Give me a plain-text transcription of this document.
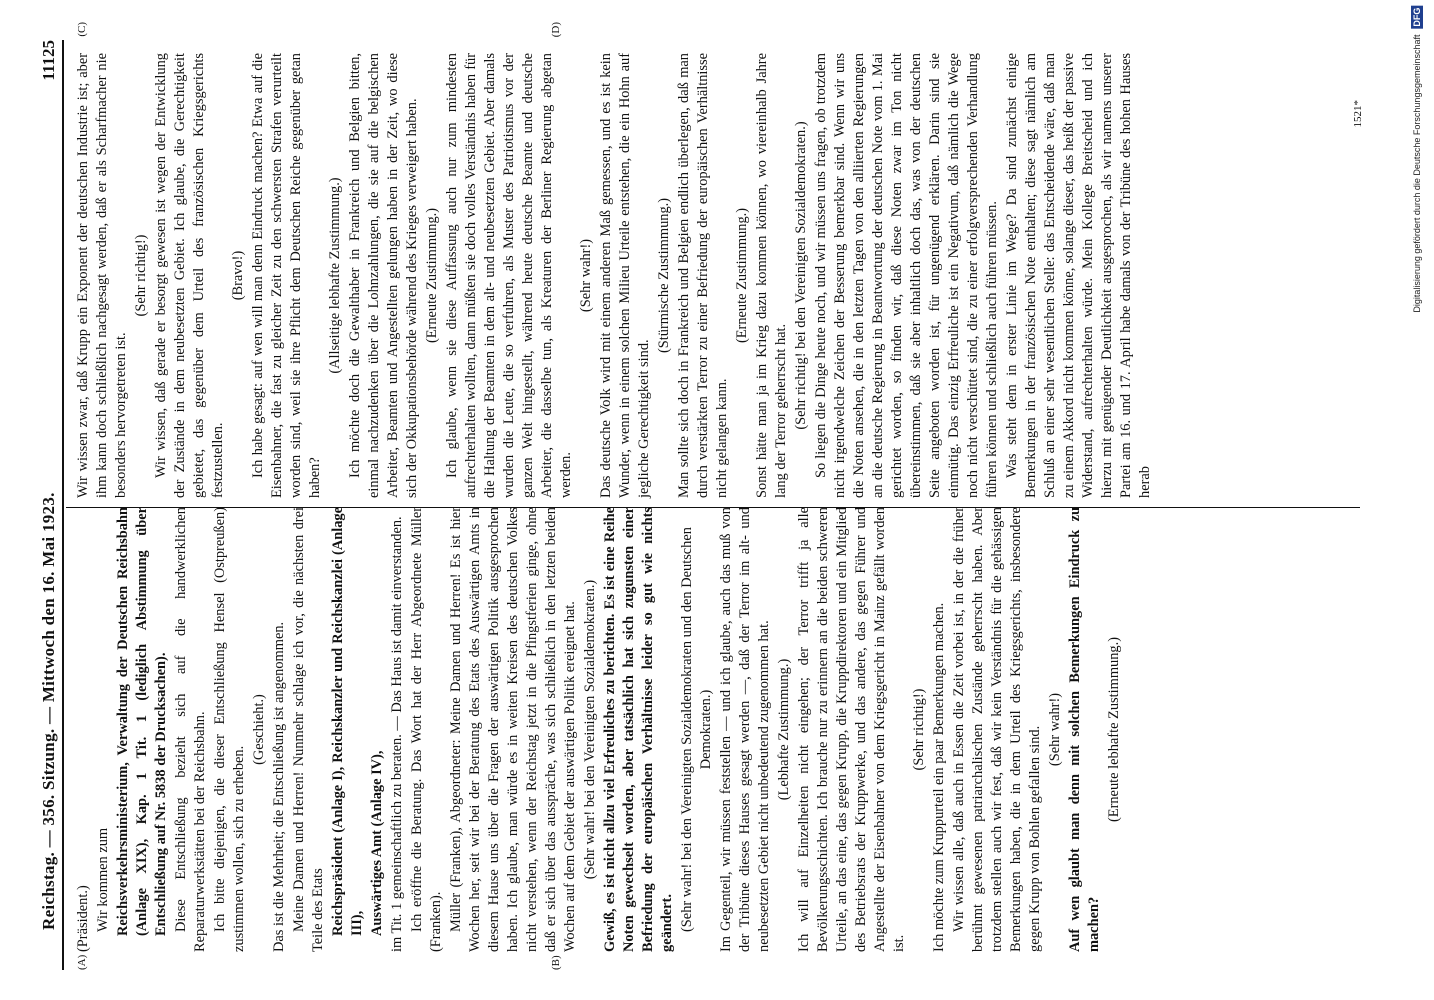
Digitalisierung gefördert durch die Deutsche Forschungsgemeinschaft DFG
Reichstag. — 356. Sitzung. — Mittwoch den 16. Mai 1923.
11125
(A)	(B)
(C)	(D)

(Präsident.) Wir kommen zum Reichsverkehrsministerium, Verwaltung der Deutschen Reichsbahn (Anlage XIX), Kap. 1 Tit. 1 (lediglich Abstimmung über Entschließung auf Nr. 5838 der Drucksachen). Diese Entschließung bezieht sich auf die handwerklichen Reparaturwerkstätten bei der Reichsbahn. Ich bitte diejenigen, die dieser Entschließung Hensel (Ostpreußen) zustimmen wollen, sich zu erheben.

(Geschieht.) Das ist die Mehrheit; die Entschließung ist angenommen. Meine Damen und Herren! Nunmehr schlage ich vor, die nächsten drei Teile des Etats Reichspräsident (Anlage I), Reichskanzler und Reichskanzlei (Anlage III), Auswärtiges Amt (Anlage IV), im Tit. 1 gemeinschaftlich zu beraten. — Das Haus ist damit einverstanden. Ich eröffne die Beratung. Das Wort hat der Herr Abgeordnete Müller (Franken). Müller (Franken), Abgeordneter: Meine Damen und Herren! Es ist hier Wochen her, seit wir bei der Beratung des Etats des Auswärtigen Amts in diesem Hause uns über die Fragen der auswärtigen Politik ausgesprochen haben. Ich glaube, man würde es in weiten Kreisen des deutschen Volkes nicht verstehen, wenn der Reichstag jetzt in die Pfingstferien ginge, ohne daß er sich über das ausspräche, was sich schließlich in den letzten beiden Wochen auf dem Gebiet der auswärtigen Politik ereignet hat. (Sehr wahr! bei den Vereinigten Sozialdemokraten.) Gewiß, es ist nicht allzu viel Erfreuliches zu berichten. Es ist eine Reihe Noten gewechselt worden, aber tatsächlich hat sich zugunsten einer Befriedung der europäischen Verhältnisse leider so gut wie nichts geändert. (Sehr wahr! bei den Vereinigten Sozialdemokraten und den Deutschen Demokraten.) Im Gegenteil, wir müssen feststellen — und ich glaube, auch das muß von der Tribüne dieses Hauses gesagt werden —, daß der Terror im alt- und neubesetzten Gebiet nicht unbedeutend zugenommen hat. (Lebhafte Zustimmung.) Ich will auf Einzelheiten nicht eingehen; der Terror trifft ja alle Bevölkerungsschichten. Ich brauche nur zu erinnern an die beiden schweren Urteile, an das eine, das gegen Krupp, die Kruppdirektoren und ein Mitglied des Betriebsrats der Kruppwerke, und das andere, das gegen Führer und Angestellte der Eisenbahner von dem Kriegsgericht in Mainz gefällt worden ist.

(Sehr richtig!) Ich möchte zum Kruppurteil ein paar Bemerkungen machen. Wir wissen alle, daß auch in Essen die Zeit vorbei ist, in der die früher berühmt gewesenen patriarchalischen Zustände geherrscht haben. Aber trotzdem stellen auch wir fest, daß wir kein Verständnis für die gehässigen Bemerkungen haben, die in dem Urteil des Kriegsgerichts, insbesondere gegen Krupp von Bohlen gefallen sind. (Sehr wahr!) Auf wen glaubt man denn mit solchen Bemerkungen Eindruck zu machen?

(Erneute lebhafte Zustimmung.)

Wir wissen zwar, daß Krupp ein Exponent der deutschen Industrie ist; aber ihm kann doch schließlich nachgesagt werden, daß er als Scharfmacher nie besonders hervorgetreten ist.

(Sehr richtig!) Wir wissen, daß gerade er besorgt gewesen ist wegen der Entwicklung der Zustände in dem neubesetzten Gebiet. Ich glaube, die Gerechtigkeit gebietet, das gegenüber dem Urteil des französischen Kriegsgerichts festzustellen.

(Bravo!) Ich habe gesagt: auf wen will man denn Eindruck machen? Etwa auf die Eisenbahner, die fast zu gleicher Zeit zu den schwersten Strafen verurteilt worden sind, weil sie ihre Pflicht dem Deutschen Reiche gegenüber getan haben?

(Allseitige lebhafte Zustimmung.) Ich möchte doch die Gewalthaber in Frankreich und Belgien bitten, einmal nachzudenken über die Lohnzahlungen, die sie auf die belgischen Arbeiter, Beamten und Angestellten gelungen haben in der Zeit, wo diese sich der Okkupationsbehörde während des Krieges verweigert haben. (Erneute Zustimmung.) Ich glaube, wenn sie diese Auffassung auch nur zum mindesten aufrechterhalten wollten, dann müßten sie doch volles Verständnis haben für die Haltung der Beamten in dem alt- und neubesetzten Gebiet. Aber damals wurden die Leute, die so verfuhren, als Muster des Patriotismus vor der ganzen Welt hingestellt, während heute deutsche Beamte und deutsche Arbeiter, die dasselbe tun, als Kreaturen der Berliner Regierung abgetan werden.

(Sehr wahr!) Das deutsche Volk wird mit einem anderen Maß gemessen, und es ist kein Wunder, wenn in einem solchen Milieu Urteile entstehen, die ein Hohn auf jegliche Gerechtigkeit sind.

(Stürmische Zustimmung.) Man sollte sich doch in Frankreich und Belgien endlich überlegen, daß man durch verstärkten Terror zu einer Befriedung der europäischen Verhältnisse nicht gelangen kann.

(Erneute Zustimmung.) Sonst hätte man ja im Krieg dazu kommen können, wo viereinhalb Jahre lang der Terror geherrscht hat. (Sehr richtig! bei den Vereinigten Sozialdemokraten.) So liegen die Dinge heute noch, und wir müssen uns fragen, ob trotzdem nicht irgendwelche Zeichen der Besserung bemerkbar sind. Wenn wir uns die Noten ansehen, die in den letzten Tagen von den alliierten Regierungen an die deutsche Regierung in Beantwortung der deutschen Note vom 1. Mai gerichtet worden, so finden wir, daß diese Noten zwar im Ton nicht übereinstimmen, daß sie aber inhaltlich doch das, was von der deutschen Seite angeboten worden ist, für ungenügend erklären. Darin sind sie einmütig. Das einzig Erfreuliche ist ein Negativum, daß nämlich die Wege noch nicht verschüttet sind, die zu einer erfolgversprechenden Verhandlung führen können und schließlich auch führen müssen. Was steht dem in erster Linie im Wege? Da sind zunächst einige Bemerkungen in der französischen Note enthalten; diese sagt nämlich am Schluß an einer sehr wesentlichen Stelle: das Entscheidende wäre, daß man zu einem Akkord nicht kommen könne, solange dieser, das heißt der passive Widerstand, aufrechterhalten würde. Mein Kollege Breitscheid und ich hierzu mit genügender Deutlichkeit ausgesprochen, als wir namens unserer Partei am 16. und 17. April habe damals von der Tribüne des hohen Hauses herab

1521*
